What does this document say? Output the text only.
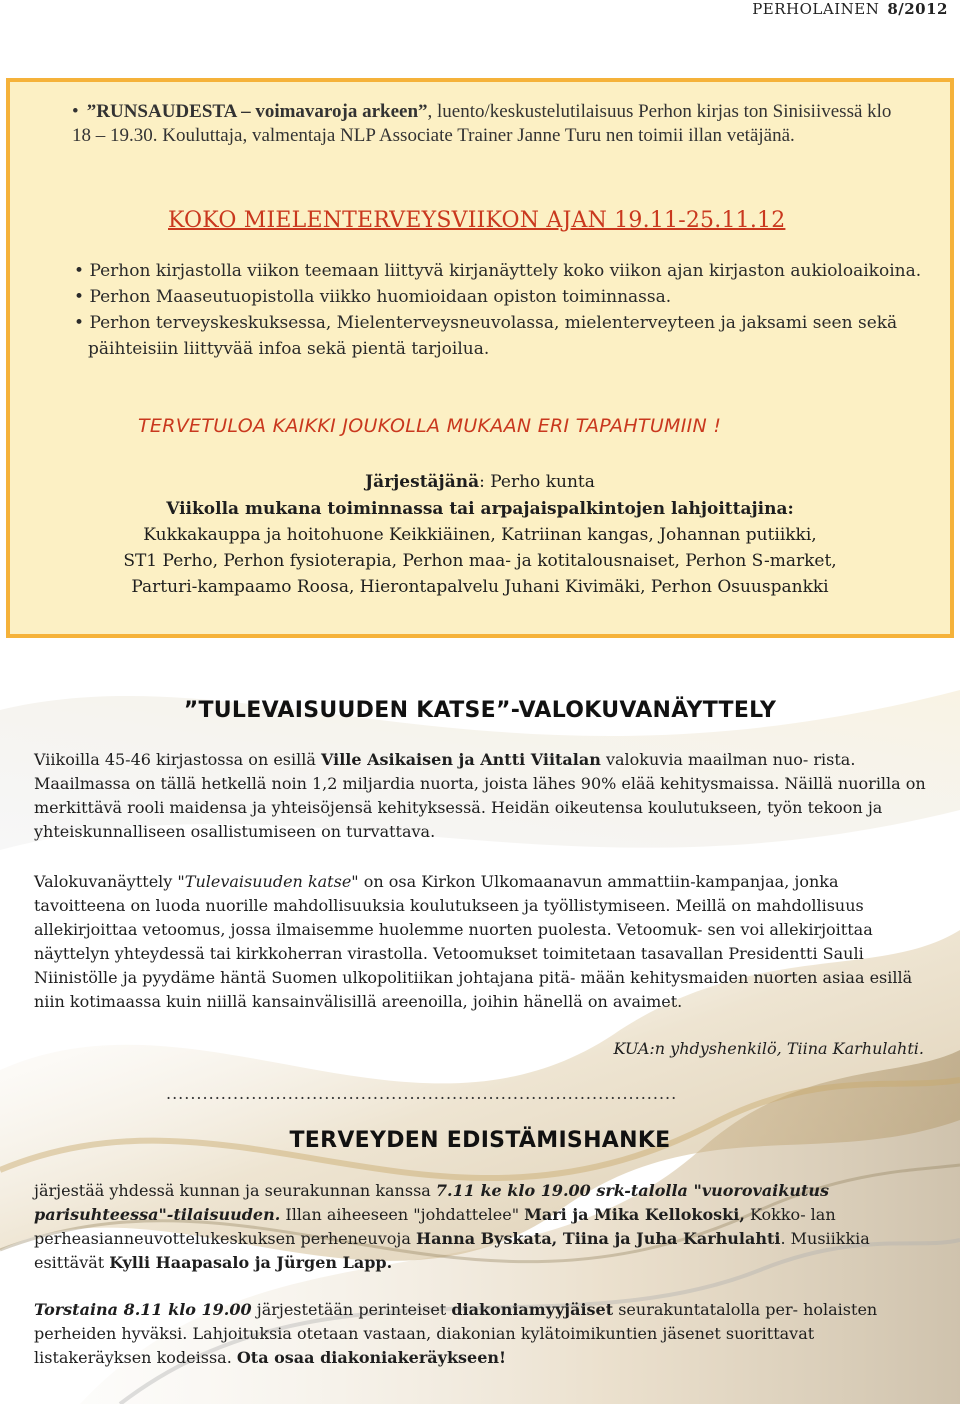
PERHOLAINEN 8/2012
• ”RUNSAUDESTA – voimavaroja arkeen”, luento/keskustelutilaisuus Perhon kirjas ton Sinisiivessä klo 18 – 19.30. Kouluttaja, valmentaja NLP Associate Trainer Janne Turu nen toimii illan vetäjänä.
KOKO MIELENTERVEYSVIIKON AJAN 19.11-25.11.12
• Perhon kirjastolla viikon teemaan liittyvä kirjanäyttely koko viikon ajan kirjaston aukioloaikoina.
• Perhon Maaseutuopistolla viikko huomioidaan opiston toiminnassa.
• Perhon terveyskeskuksessa, Mielenterveysneuvolassa, mielenterveyteen ja jaksami seen sekä päihteisiin liittyvää infoa sekä pientä tarjoilua.
TERVETULOA KAIKKI JOUKOLLA MUKAAN ERI TAPAHTUMIIN !
Järjestäjänä: Perho kunta
Viikolla mukana toiminnassa tai arpajaispalkintojen lahjoittajina:
Kukkakauppa ja hoitohuone Keikkiäinen, Katriinan kangas, Johannan putiikki,
ST1 Perho, Perhon fysioterapia, Perhon maa- ja kotitalousnaiset, Perhon S-market,
Parturi-kampaamo Roosa, Hierontapalvelu Juhani Kivimäki, Perhon Osuuspankki
”TULEVAISUUDEN KATSE”-VALOKUVANÄYTTELY
Viikoilla 45-46 kirjastossa on esillä Ville Asikaisen ja Antti Viitalan valokuvia maailman nuo- rista. Maailmassa on tällä hetkellä noin 1,2 miljardia nuorta, joista lähes 90% elää kehitysmaissa. Näillä nuorilla on merkittävä rooli maidensa ja yhteisöjensä kehityksessä. Heidän oikeutensa koulutukseen, työn tekoon ja yhteiskunnalliseen osallistumiseen on turvattava.
Valokuvanäyttely "Tulevaisuuden katse" on osa Kirkon Ulkomaanavun ammattiin-kampanjaa, jonka tavoitteena on luoda nuorille mahdollisuuksia koulutukseen ja työllistymiseen. Meillä on mahdollisuus allekirjoittaa vetoomus, jossa ilmaisemme huolemme nuorten puolesta. Vetoomuk- sen voi allekirjoittaa näyttelyn yhteydessä tai kirkkoherran virastolla. Vetoomukset toimitetaan tasavallan Presidentti Sauli Niinistölle ja pyydäme häntä Suomen ulkopolitiikan johtajana pitä- mään kehitysmaiden nuorten asiaa esillä niin kotimaassa kuin niillä kansainvälisillä areenoilla, joihin hänellä on avaimet.
KUA:n yhdyshenkilö, Tiina Karhulahti.
....................................................................................
TERVEYDEN EDISTÄMISHANKE
järjestää yhdessä kunnan ja seurakunnan kanssa 7.11 ke klo 19.00 srk-talolla "vuorovaikutus parisuhteessa"-tilaisuuden. Illan aiheeseen "johdattelee" Mari ja Mika Kellokoski, Kokko- lan perheasianneuvottelukeskuksen perheneuvoja Hanna Byskata, Tiina ja Juha Karhulahti. Musiikkia esittävät Kylli Haapasalo ja Jürgen Lapp.
Torstaina 8.11 klo 19.00 järjestetään perinteiset diakoniamyyjäiset seurakuntatalolla per- holaisten perheiden hyväksi. Lahjoituksia otetaan vastaan, diakonian kylätoimikuntien jäsenet suorittavat listakeräyksen kodeissa. Ota osaa diakoniakeräykseen!
